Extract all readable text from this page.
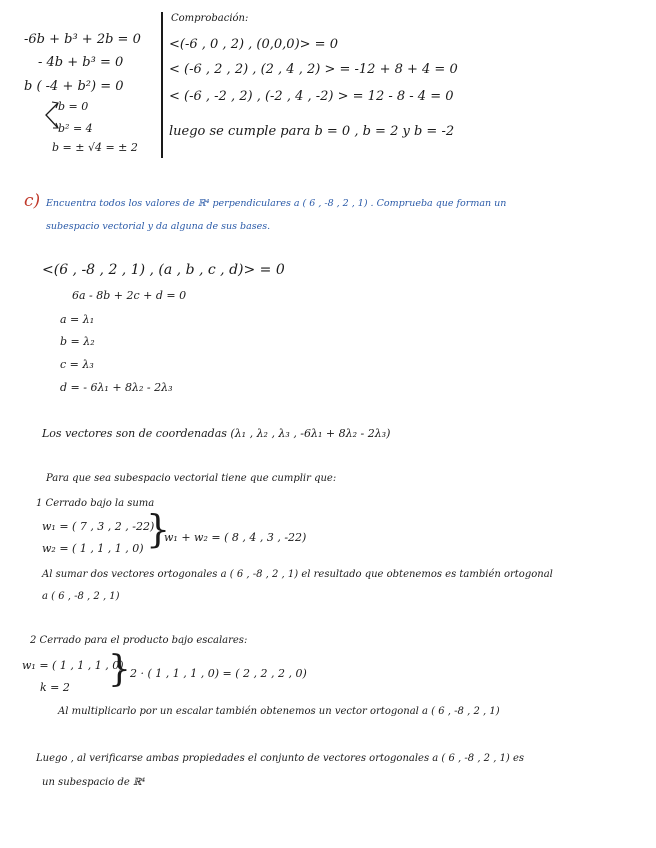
-6b + b³ + 2b = 0
- 4b + b³ = 0
b ( -4 + b²) = 0
b = 0
b² = 4
b = ± √4 = ± 2
Comprobación:
<(-6 , 0 , 2) , (0,0,0)> = 0
< (-6 , 2 , 2) , (2 , 4 , 2) > = -12 + 8 + 4 = 0
< (-6 , -2 , 2) , (-2 , 4 , -2) > = 12 - 8 - 4 = 0
luego se cumple para b = 0 , b = 2 y b = -2
c) Encuentra todos los valores de ℝ⁴ perpendiculares a ( 6 , -8 , 2 , 1) . Comprueba que forman un
subespacio vectorial y da alguna de sus bases.
<(6 , -8 , 2 , 1) , (a , b , c , d)> = 0
6a - 8b + 2c + d = 0
a = λ₁
b = λ₂
c = λ₃
d = - 6λ₁ + 8λ₂ - 2λ₃
Los vectores son de coordenadas (λ₁ , λ₂ , λ₃ , -6λ₁ + 8λ₂ - 2λ₃)
Para que sea subespacio vectorial tiene que cumplir que:
1 Cerrado bajo la suma
w₁ = ( 7 , 3 , 2 , -22)
w₂ = ( 1 , 1 , 1 , 0) }
w₁ + w₂ = ( 8 , 4 , 3 , -22)
Al sumar dos vectores ortogonales a ( 6 , -8 , 2 , 1) el resultado que obtenemos es también ortogonal
a ( 6 , -8 , 2 , 1)
2 Cerrado para el producto bajo escalares:
w₁ = ( 1 , 1 , 1 , 0)
k = 2 } 2 · ( 1 , 1 , 1 , 0) = ( 2 , 2 , 2 , 0)
Al multiplicarlo por un escalar también obtenemos un vector ortogonal a ( 6 , -8 , 2 , 1)
Luego , al verificarse ambas propiedades el conjunto de vectores ortogonales a ( 6 , -8 , 2 , 1) es
un subespacio de ℝ⁴
